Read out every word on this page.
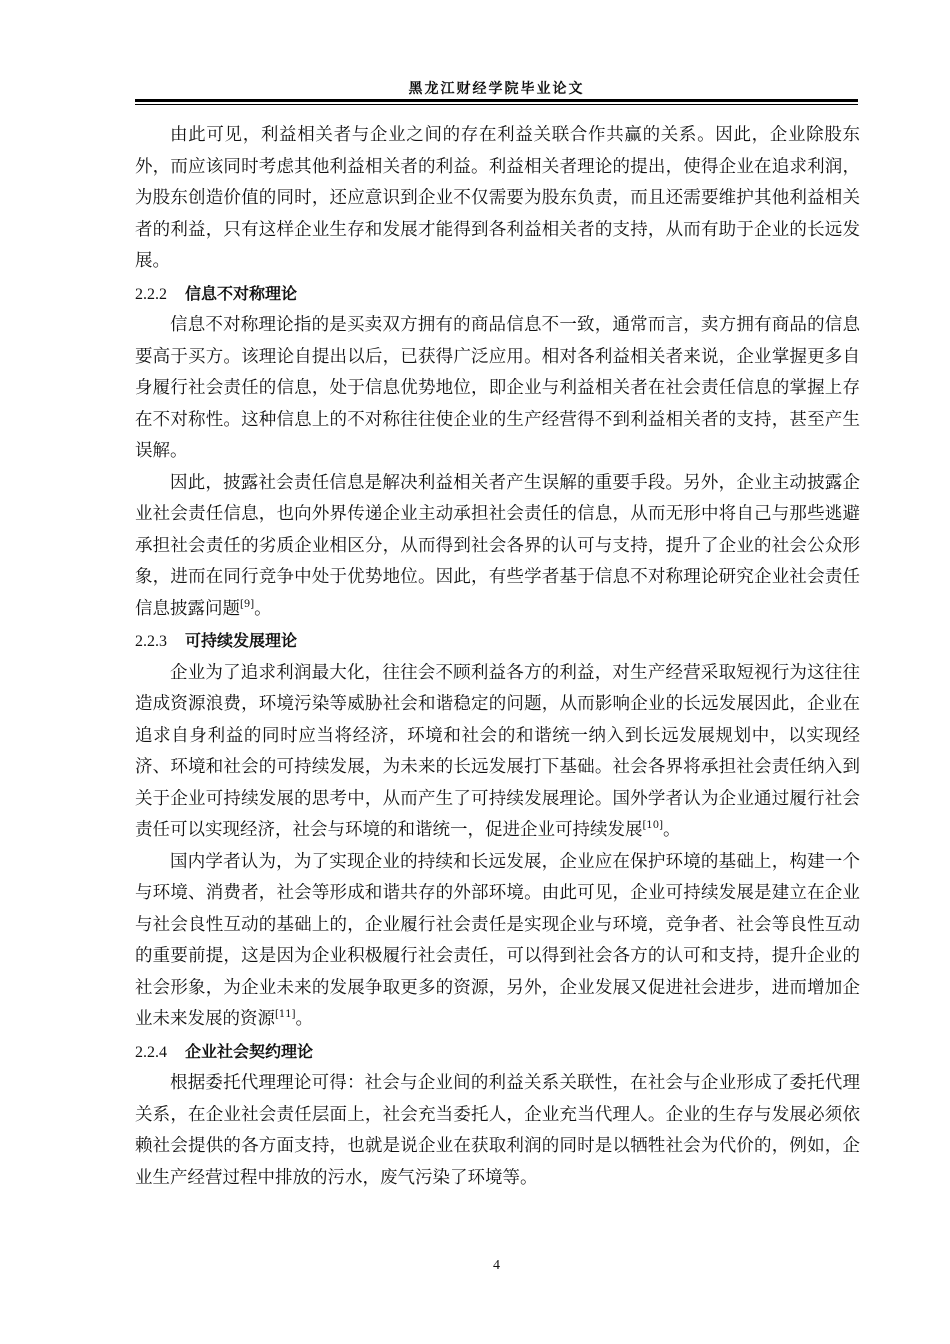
黑龙江财经学院毕业论文

由此可见，利益相关者与企业之间的存在利益关联合作共赢的关系。因此，企业除股东外，而应该同时考虑其他利益相关者的利益。利益相关者理论的提出，使得企业在追求利润，为股东创造价值的同时，还应意识到企业不仅需要为股东负责，而且还需要维护其他利益相关者的利益，只有这样企业生存和发展才能得到各利益相关者的支持，从而有助于企业的长远发展。

2.2.2 信息不对称理论

信息不对称理论指的是买卖双方拥有的商品信息不一致，通常而言，卖方拥有商品的信息要高于买方。该理论自提出以后，已获得广泛应用。相对各利益相关者来说，企业掌握更多自身履行社会责任的信息，处于信息优势地位，即企业与利益相关者在社会责任信息的掌握上存在不对称性。这种信息上的不对称往往使企业的生产经营得不到利益相关者的支持，甚至产生误解。

因此，披露社会责任信息是解决利益相关者产生误解的重要手段。另外，企业主动披露企业社会责任信息，也向外界传递企业主动承担社会责任的信息，从而无形中将自己与那些逃避承担社会责任的劣质企业相区分，从而得到社会各界的认可与支持，提升了企业的社会公众形象，进而在同行竞争中处于优势地位。因此，有些学者基于信息不对称理论研究企业社会责任信息披露问题[9]。

2.2.3 可持续发展理论

企业为了追求利润最大化，往往会不顾利益各方的利益，对生产经营采取短视行为这往往造成资源浪费，环境污染等威胁社会和谐稳定的问题，从而影响企业的长远发展因此，企业在追求自身利益的同时应当将经济，环境和社会的和谐统一纳入到长远发展规划中，以实现经济、环境和社会的可持续发展，为未来的长远发展打下基础。社会各界将承担社会责任纳入到关于企业可持续发展的思考中，从而产生了可持续发展理论。国外学者认为企业通过履行社会责任可以实现经济，社会与环境的和谐统一，促进企业可持续发展[10]。

国内学者认为，为了实现企业的持续和长远发展，企业应在保护环境的基础上，构建一个与环境、消费者，社会等形成和谐共存的外部环境。由此可见，企业可持续发展是建立在企业与社会良性互动的基础上的，企业履行社会责任是实现企业与环境，竞争者、社会等良性互动的重要前提，这是因为企业积极履行社会责任，可以得到社会各方的认可和支持，提升企业的社会形象，为企业未来的发展争取更多的资源，另外，企业发展又促进社会进步，进而增加企业未来发展的资源[11]。

2.2.4 企业社会契约理论

根据委托代理理论可得：社会与企业间的利益关系关联性，在社会与企业形成了委托代理关系，在企业社会责任层面上，社会充当委托人，企业充当代理人。企业的生存与发展必须依赖社会提供的各方面支持，也就是说企业在获取利润的同时是以牺牲社会为代价的，例如，企业生产经营过程中排放的污水，废气污染了环境等。

4
